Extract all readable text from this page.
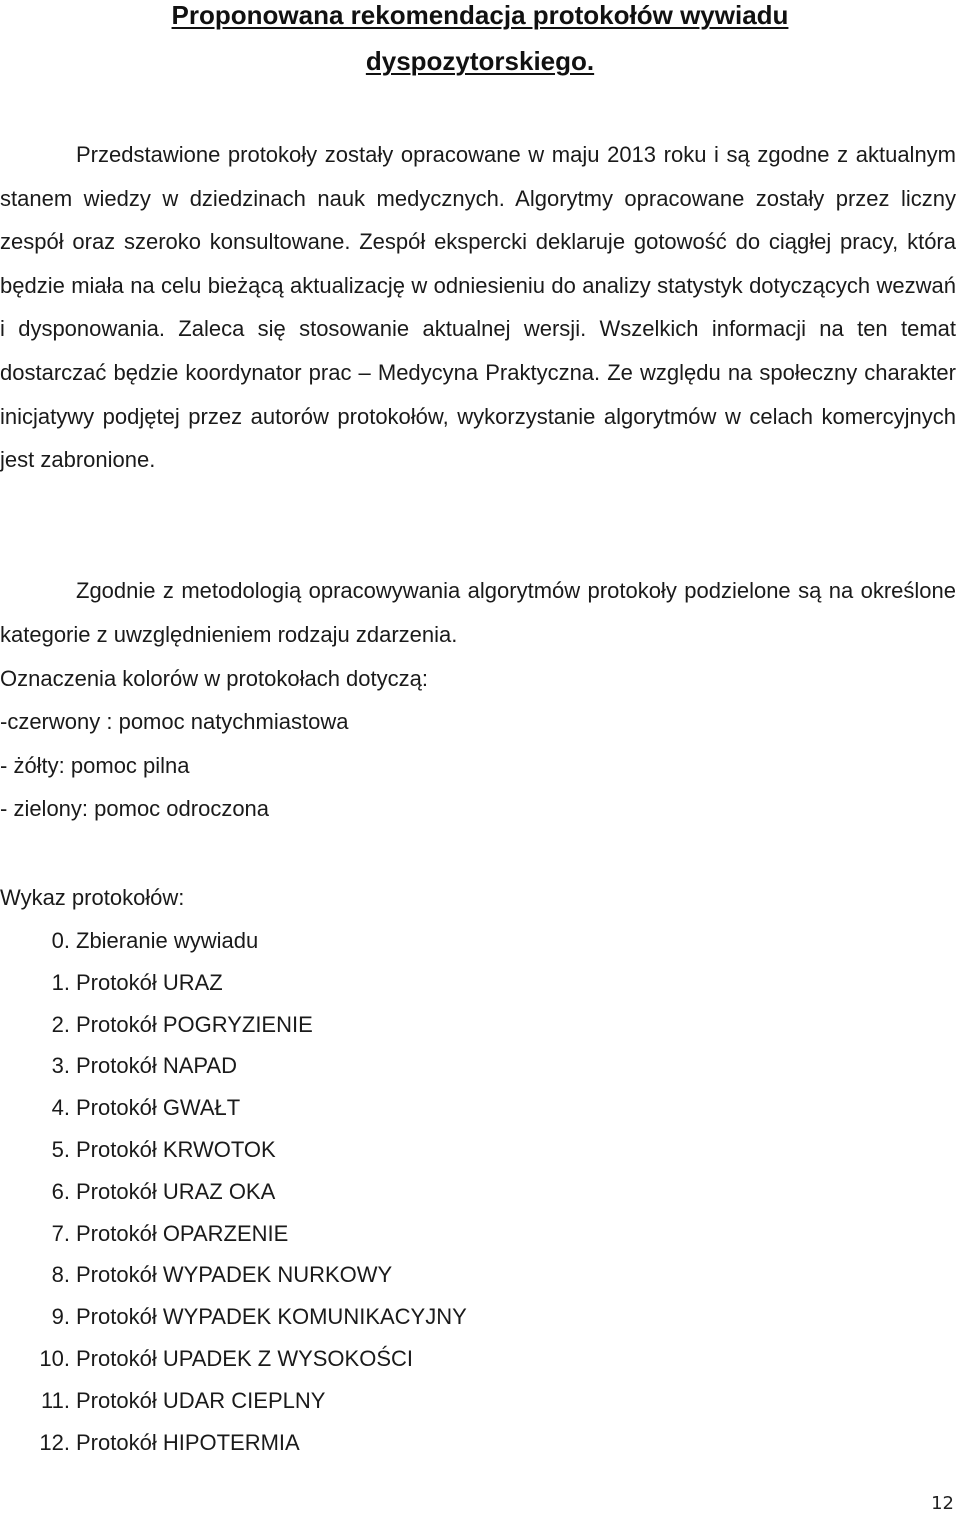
Proponowana rekomendacja protokołów wywiadu
dyspozytorskiego.

Przedstawione protokoły zostały opracowane w maju 2013 roku i są zgodne z aktualnym stanem wiedzy w dziedzinach nauk medycznych. Algorytmy opracowane zostały przez liczny zespół oraz szeroko konsultowane. Zespół ekspercki deklaruje gotowość do ciągłej pracy, która będzie miała na celu bieżącą aktualizację w odniesieniu do analizy statystyk dotyczących wezwań i dysponowania. Zaleca się stosowanie aktualnej wersji. Wszelkich informacji na ten temat dostarczać będzie koordynator prac – Medycyna Praktyczna. Ze względu na społeczny charakter inicjatywy podjętej przez autorów protokołów, wykorzystanie algorytmów w celach komercyjnych jest zabronione.

Zgodnie z metodologią opracowywania algorytmów protokoły podzielone są na określone kategorie z uwzględnieniem rodzaju zdarzenia.

Oznaczenia kolorów w protokołach dotyczą:

-czerwony : pomoc natychmiastowa

- żółty: pomoc pilna

- zielony: pomoc odroczona

Wykaz protokołów:

0. Zbieranie wywiadu
1. Protokół URAZ
2. Protokół POGRYZIENIE
3. Protokół NAPAD
4. Protokół GWAŁT
5. Protokół KRWOTOK
6. Protokół URAZ OKA
7. Protokół OPARZENIE
8. Protokół WYPADEK NURKOWY
9. Protokół WYPADEK KOMUNIKACYJNY
10. Protokół UPADEK Z WYSOKOŚCI
11. Protokół UDAR CIEPLNY
12. Protokół HIPOTERMIA
12
